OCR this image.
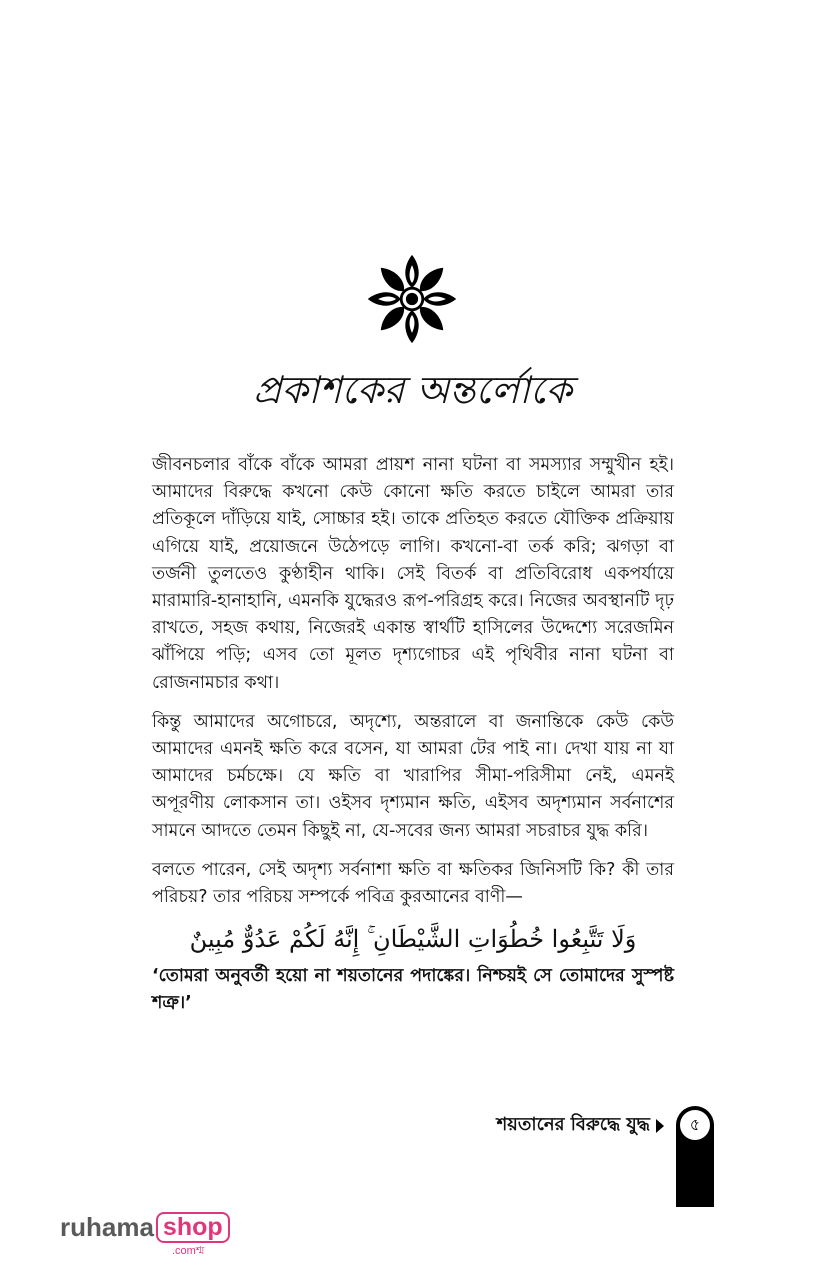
প্রকাশকের অন্তর্লোকে

জীবনচলার বাঁকে বাঁকে আমরা প্রায়শ নানা ঘটনা বা সমস্যার সম্মুখীন হই। আমাদের বিরুদ্ধে কখনো কেউ কোনো ক্ষতি করতে চাইলে আমরা তার প্রতিকূলে দাঁড়িয়ে যাই, সোচ্চার হই। তাকে প্রতিহত করতে যৌক্তিক প্রক্রিয়ায় এগিয়ে যাই, প্রয়োজনে উঠেপড়ে লাগি। কখনো-বা তর্ক করি; ঝগড়া বা তর্জনী তুলতেও কুণ্ঠাহীন থাকি। সেই বিতর্ক বা প্রতিবিরোধ একপর্যায়ে মারামারি-হানাহানি, এমনকি যুদ্ধেরও রূপ-পরিগ্রহ করে। নিজের অবস্থানটি দৃঢ় রাখতে, সহজ কথায়, নিজেরই একান্ত স্বার্থটি হাসিলের উদ্দেশ্যে সরেজমিন ঝাঁপিয়ে পড়ি; এসব তো মূলত দৃশ্যগোচর এই পৃথিবীর নানা ঘটনা বা রোজনামচার কথা।

কিন্তু আমাদের অগোচরে, অদৃশ্যে, অন্তরালে বা জনান্তিকে কেউ কেউ আমাদের এমনই ক্ষতি করে বসেন, যা আমরা টের পাই না। দেখা যায় না যা আমাদের চর্মচক্ষে। যে ক্ষতি বা খারাপির সীমা-পরিসীমা নেই, এমনই অপূরণীয় লোকসান তা। ওইসব দৃশ্যমান ক্ষতি, এইসব অদৃশ্যমান সর্বনাশের সামনে আদতে তেমন কিছুই না, যে-সবের জন্য আমরা সচরাচর যুদ্ধ করি।

বলতে পারেন, সেই অদৃশ্য সর্বনাশা ক্ষতি বা ক্ষতিকর জিনিসটি কি? কী তার পরিচয়? তার পরিচয় সম্পর্কে পবিত্র কুরআনের বাণী—

وَلَا تَتَّبِعُوا خُطُوَاتِ الشَّيْطَانِ ۚ إِنَّهُ لَكُمْ عَدُوٌّ مُبِينٌ

‘তোমরা অনুবর্তী হয়ো না শয়তানের পদাঙ্কের। নিশ্চয়ই সে তোমাদের সুস্পষ্ট শত্রু।’

শয়তানের বিরুদ্ধে যুদ্ধ	৫
ruhama shop
.comশ্ম
